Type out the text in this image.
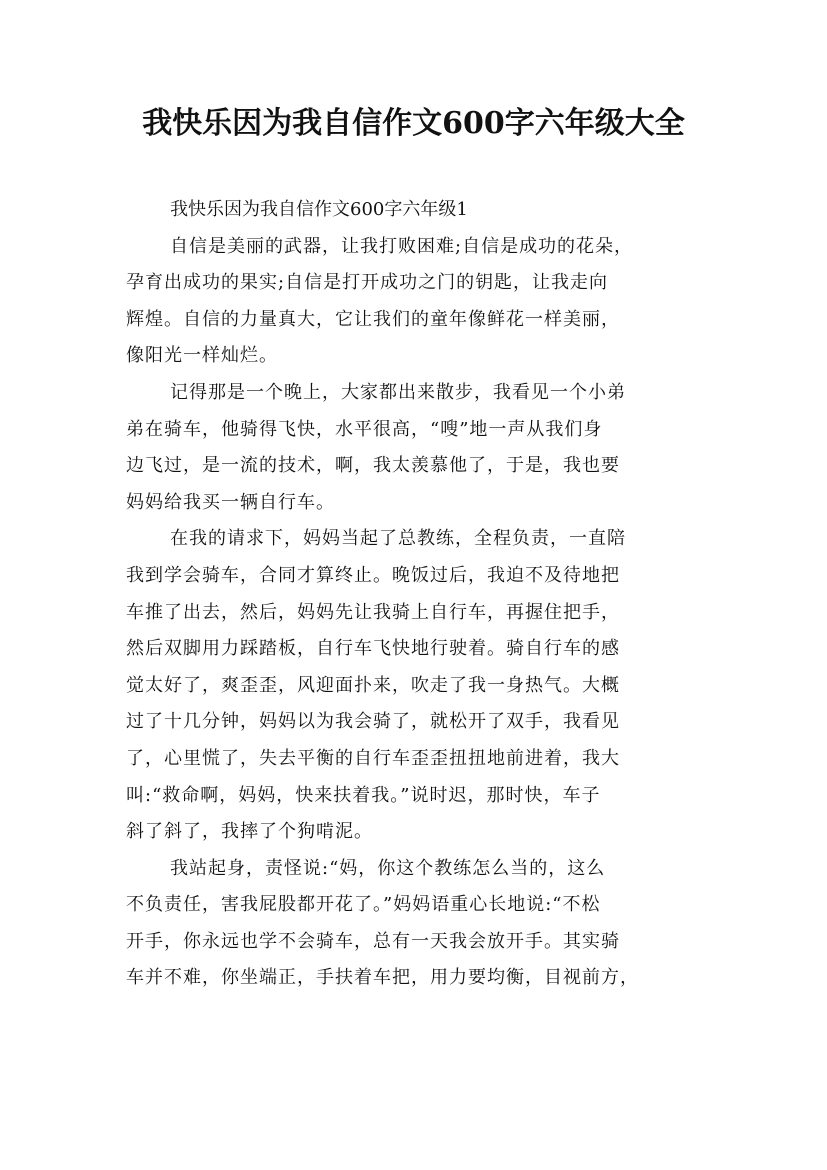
我快乐因为我自信作文600字六年级大全

我快乐因为我自信作文600字六年级1

自信是美丽的武器，让我打败困难;自信是成功的花朵，
孕育出成功的果实;自信是打开成功之门的钥匙，让我走向
辉煌。自信的力量真大，它让我们的童年像鲜花一样美丽，
像阳光一样灿烂。

记得那是一个晚上，大家都出来散步，我看见一个小弟
弟在骑车，他骑得飞快，水平很高，“嗖”地一声从我们身
边飞过，是一流的技术，啊，我太羡慕他了，于是，我也要
妈妈给我买一辆自行车。

在我的请求下，妈妈当起了总教练，全程负责，一直陪
我到学会骑车，合同才算终止。晚饭过后，我迫不及待地把
车推了出去，然后，妈妈先让我骑上自行车，再握住把手，
然后双脚用力踩踏板，自行车飞快地行驶着。骑自行车的感
觉太好了，爽歪歪，风迎面扑来，吹走了我一身热气。大概
过了十几分钟，妈妈以为我会骑了，就松开了双手，我看见
了，心里慌了，失去平衡的自行车歪歪扭扭地前进着，我大
叫:“救命啊，妈妈，快来扶着我。”说时迟，那时快，车子
斜了斜了，我摔了个狗啃泥。

我站起身，责怪说:“妈，你这个教练怎么当的，这么
不负责任，害我屁股都开花了。”妈妈语重心长地说:“不松
开手，你永远也学不会骑车，总有一天我会放开手。其实骑
车并不难，你坐端正，手扶着车把，用力要均衡，目视前方，
